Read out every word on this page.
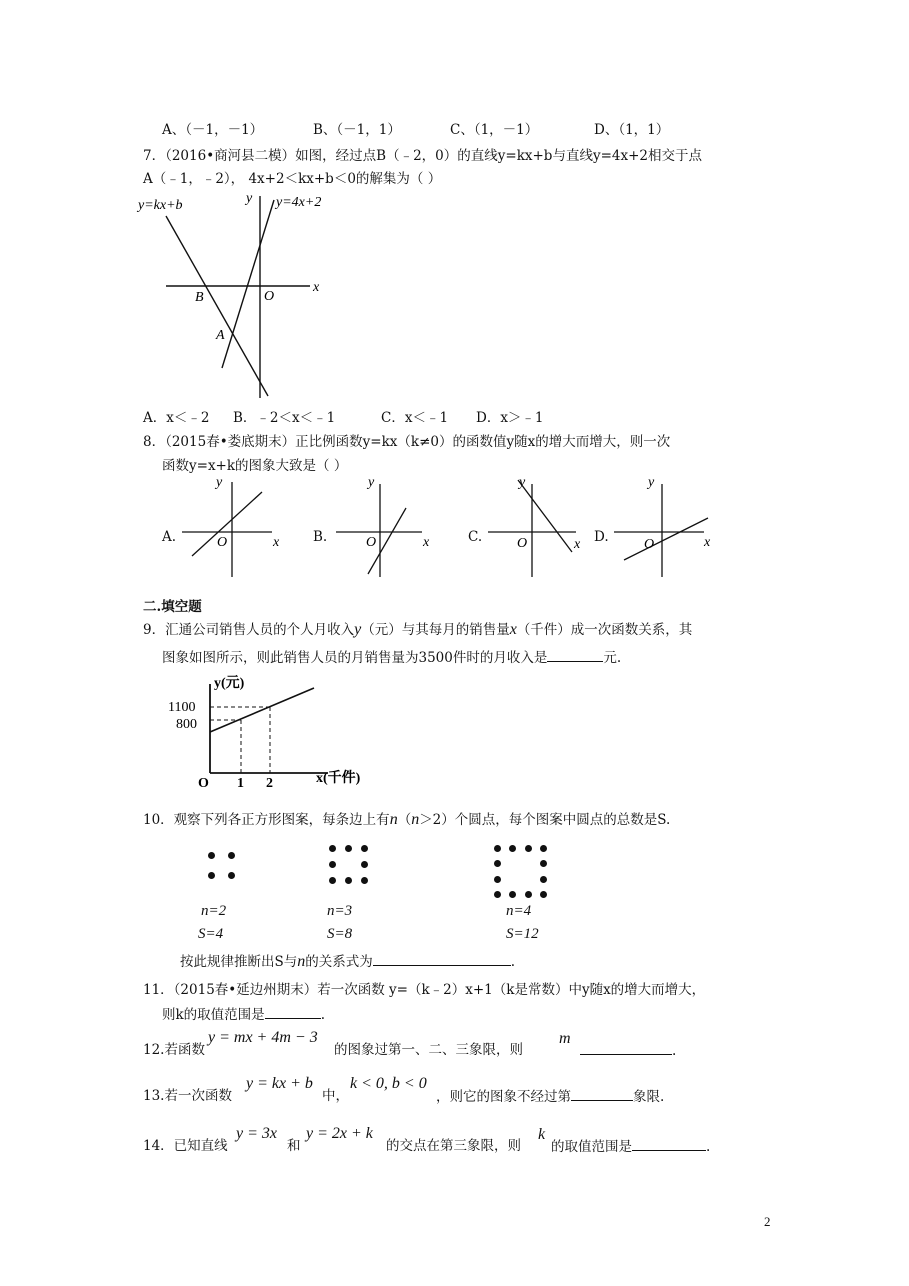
A、（－1，－1）	B、（－1，1）	C、（1，－1）	D、（1，1）
7．（2016•商河县二模）如图，经过点B（﹣2，0）的直线y=kx+b与直线y=4x+2相交于点
A（﹣1，﹣2）， 4x+2＜kx+b＜0的解集为（ ）
y=kx+b	y=4x+2
y
x
B	O
A
A．x＜﹣2 B．﹣2＜x＜﹣1	C．x＜﹣1 D．x＞﹣1
8．（2015春•娄底期末）正比例函数y=kx（k≠0）的函数值y随x的增大而增大，则一次
函数y=x+k的图象大致是（ ）
A.
y
x
O	B.
y
x
O	C.
y
x
O	D.
y
x
O
二.填空题
9．汇通公司销售人员的个人月收入y（元）与其每月的销售量x（千件）成一次函数关系，其
图象如图所示，则此销售人员的月销售量为3500件时的月收入是	元.
y(元)
x(千件)
1100
800
O 1 2
10．观察下列各正方形图案，每条边上有n（n＞2）个圆点，每个图案中圆点的总数是S.
n=2
S=4
n=3
S=8
n=4
S=12
按此规律推断出S与n的关系式为	.
11．（2015春•延边州期末）若一次函数 y=（k﹣2）x+1（k是常数）中y随x的增大而增大，
则k的取值范围是	.
12.若函数
y = mx + 4m − 3
的图象过第一、二、三象限，则
m
.
13.若一次函数
y = kx + b
中，
k < 0, b < 0
，则它的图象不经过第	象限.
14．已知直线
y = 3x
和
y = 2x + k
的交点在第三象限，则
k
的取值范围是	.
2
